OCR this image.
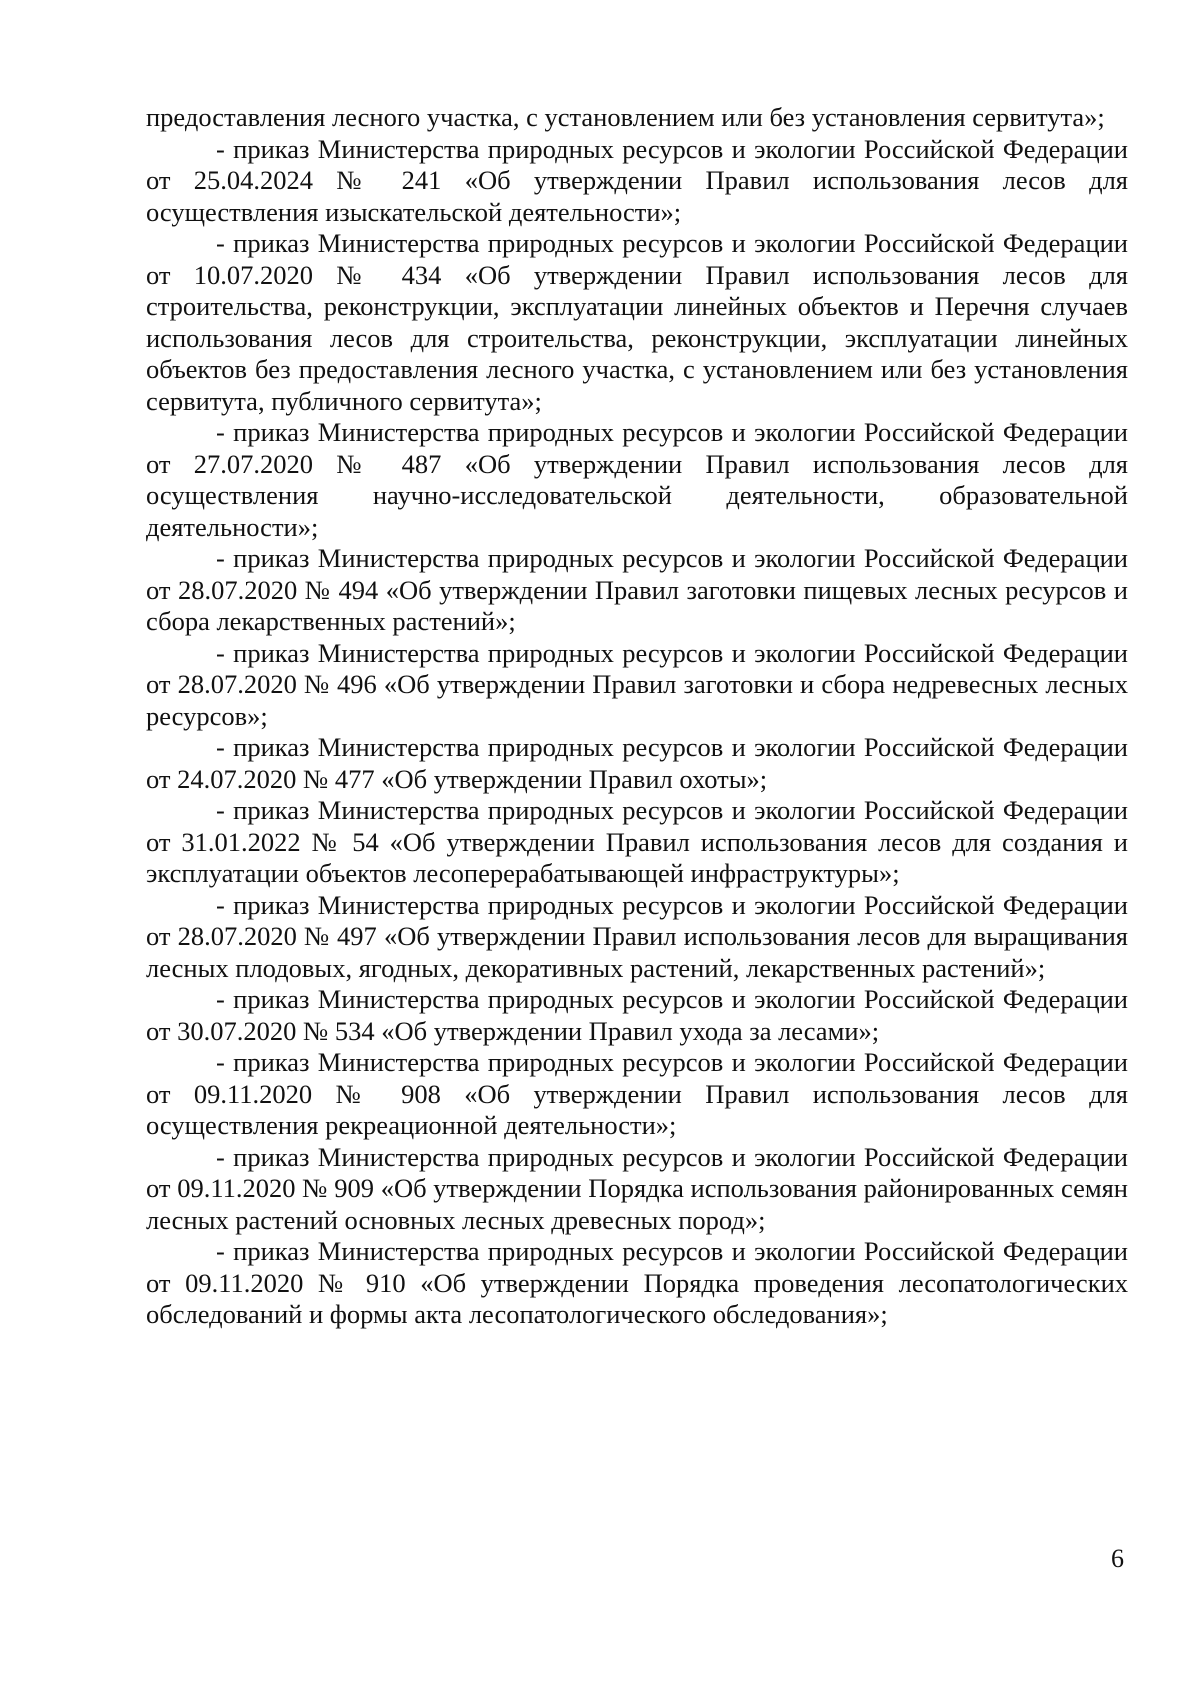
предоставления лесного участка, с установлением или без установления сервитута»;

- приказ Министерства природных ресурсов и экологии Российской Федерации от 25.04.2024 № 241 «Об утверждении Правил использования лесов для осуществления изыскательской деятельности»;

- приказ Министерства природных ресурсов и экологии Российской Федерации от 10.07.2020 № 434 «Об утверждении Правил использования лесов для строительства, реконструкции, эксплуатации линейных объектов и Перечня случаев использования лесов для строительства, реконструкции, эксплуатации линейных объектов без предоставления лесного участка, с установлением или без установления сервитута, публичного сервитута»;

- приказ Министерства природных ресурсов и экологии Российской Федерации от 27.07.2020 № 487 «Об утверждении Правил использования лесов для осуществления научно-исследовательской деятельности, образовательной деятельности»;

- приказ Министерства природных ресурсов и экологии Российской Федерации от 28.07.2020 № 494 «Об утверждении Правил заготовки пищевых лесных ресурсов и сбора лекарственных растений»;

- приказ Министерства природных ресурсов и экологии Российской Федерации от 28.07.2020 № 496 «Об утверждении Правил заготовки и сбора недревесных лесных ресурсов»;

- приказ Министерства природных ресурсов и экологии Российской Федерации от 24.07.2020 № 477 «Об утверждении Правил охоты»;

- приказ Министерства природных ресурсов и экологии Российской Федерации от 31.01.2022 № 54 «Об утверждении Правил использования лесов для создания и эксплуатации объектов лесоперерабатывающей инфраструктуры»;

- приказ Министерства природных ресурсов и экологии Российской Федерации от 28.07.2020 № 497 «Об утверждении Правил использования лесов для выращивания лесных плодовых, ягодных, декоративных растений, лекарственных растений»;

- приказ Министерства природных ресурсов и экологии Российской Федерации от 30.07.2020 № 534 «Об утверждении Правил ухода за лесами»;

- приказ Министерства природных ресурсов и экологии Российской Федерации от 09.11.2020 № 908 «Об утверждении Правил использования лесов для осуществления рекреационной деятельности»;

- приказ Министерства природных ресурсов и экологии Российской Федерации от 09.11.2020 № 909 «Об утверждении Порядка использования районированных семян лесных растений основных лесных древесных пород»;

- приказ Министерства природных ресурсов и экологии Российской Федерации от 09.11.2020 № 910 «Об утверждении Порядка проведения лесопатологических обследований и формы акта лесопатологического обследования»;

6
